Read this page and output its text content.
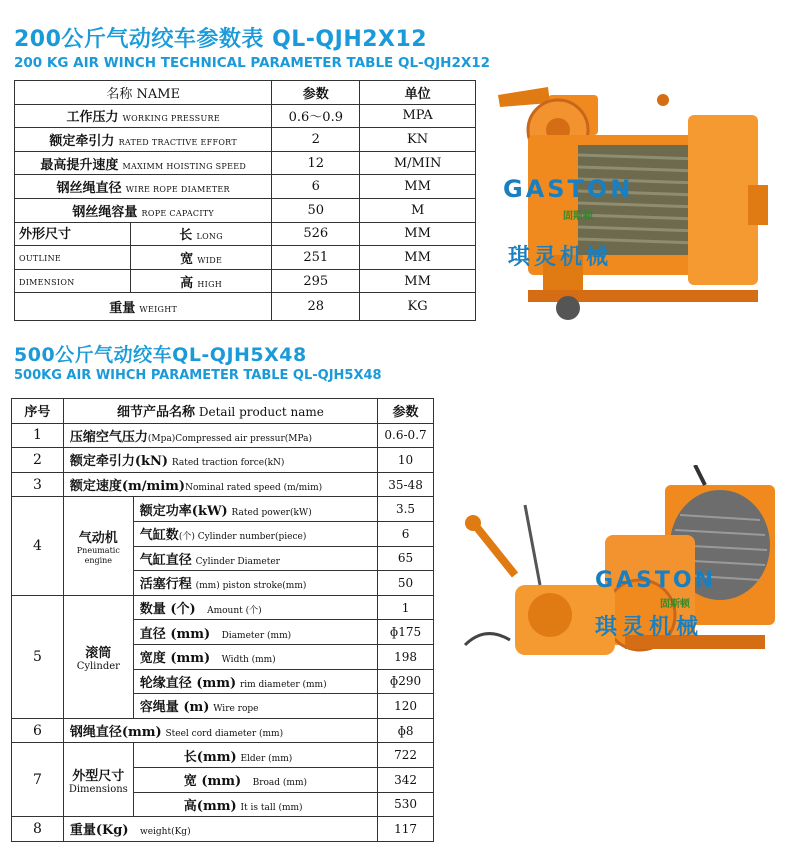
200公斤气动绞车参数表 QL-QJH2X12
200 KG AIR WINCH TECHNICAL PARAMETER TABLE QL-QJH2X12
名称 NAME		参数	单位
工作压力 WORKING PRESSURE		0.6～0.9	MPA
额定牵引力 RATED TRACTIVE EFFORT		2	KN
最高提升速度 MAXIMM HOISTING SPEED		12	M/MIN
钢丝绳直径 WIRE ROPE DIAMETER		6	MM
钢丝绳容量 ROPE CAPACITY		50	M
外形尺寸	长 LONG	526	MM
OUTLINE	宽 WIDE	251	MM
DIMENSION	高 HIGH	295	MM
重量 WEIGHT		28	KG
GASTON
固斯顿
琪灵机械
500公斤气动绞车QL-QJH5X48
500KG AIR WIHCH PARAMETER TABLE QL-QJH5X48
序号	细节产品名称 Detail product name		参数
1	压缩空气压力(Mpa)Compressed air pressur(MPa)		0.6-0.7
2	额定牵引力(kN) Rated traction force(kN)		10
3	额定速度(m/mim)Nominal rated speed (m/mim)		35-48
4	气动机
Pneumatic
engine	额定功率(kW) Rated power(kW)	3.5
		气缸数(个) Cylinder number(piece)	6
		气缸直径 Cylinder Diameter	65
		活塞行程 (mm) piston stroke(mm)	50
5	滚筒
Cylinder	数量 (个) Amount (个)	1
		直径 (mm) Diameter (mm)	ɸ175
		宽度 (mm) Width (mm)	198
		轮缘直径 (mm) rim diameter (mm)	ɸ290
		容绳量 (m) Wire rope	120
6	钢绳直径(mm) Steel cord diameter (mm)		ɸ8
7	外型尺寸
Dimensions	长(mm) Elder (mm)	722
		宽 (mm) Broad (mm)	342
		高(mm) It is tall (mm)	530
8	重量(Kg) weight(Kg)		117
GASTON
固斯顿
琪灵机械
